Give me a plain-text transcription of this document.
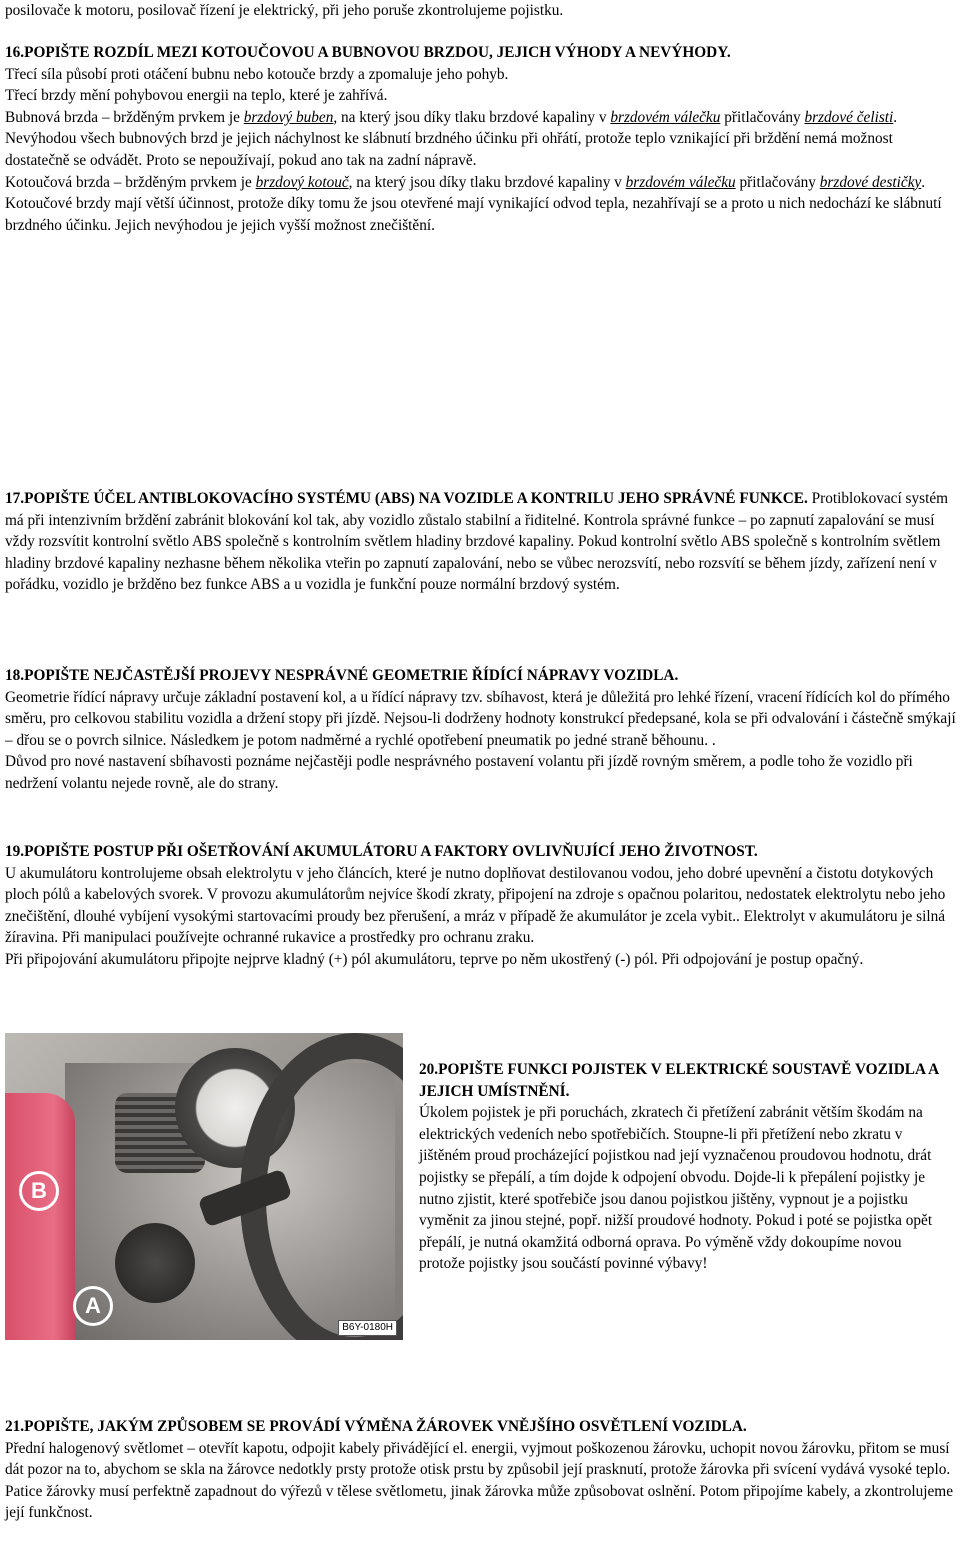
posilovače k motoru, posilovač řízení je elektrický, při jeho poruše zkontrolujeme pojistku.

16.POPIŠTE ROZDÍL MEZI KOTOUČOVOU A BUBNOVOU BRZDOU, JEJICH VÝHODY A NEVÝHODY.

Třecí síla působí proti otáčení bubnu nebo kotouče brzdy a zpomaluje jeho pohyb.

Třecí brzdy mění pohybovou energii na teplo, které je zahřívá.

Bubnová brzda – bržděným prvkem je brzdový buben, na který jsou díky tlaku brzdové kapaliny v brzdovém válečku přitlačovány brzdové čelisti. Nevýhodou všech bubnových brzd je jejich náchylnost ke slábnutí brzdného účinku při ohřátí, protože teplo vznikající při brždění nemá možnost dostatečně se odvádět. Proto se nepoužívají, pokud ano tak na zadní nápravě.

Kotoučová brzda – bržděným prvkem je brzdový kotouč, na který jsou díky tlaku brzdové kapaliny v brzdovém válečku přitlačovány brzdové destičky.

Kotoučové brzdy mají větší účinnost, protože díky tomu že jsou otevřené mají vynikající odvod tepla, nezahřívají se a proto u nich nedochází ke slábnutí brzdného účinku. Jejich nevýhodou je jejich vyšší možnost znečištění.

17.POPIŠTE ÚČEL ANTIBLOKOVACÍHO SYSTÉMU (ABS) NA VOZIDLE A KONTRILU JEHO SPRÁVNÉ FUNKCE. Protiblokovací systém má při intenzivním brždění zabránit blokování kol tak, aby vozidlo zůstalo stabilní a řiditelné. Kontrola správné funkce – po zapnutí zapalování se musí vždy rozsvítit kontrolní světlo ABS společně s kontrolním světlem hladiny brzdové kapaliny. Pokud kontrolní světlo ABS společně s kontrolním světlem hladiny brzdové kapaliny nezhasne během několika vteřin po zapnutí zapalování, nebo se vůbec nerozsvítí, nebo rozsvítí se během jízdy, zařízení není v pořádku, vozidlo je bržděno bez funkce ABS a u vozidla je funkční pouze normální brzdový systém.

18.POPIŠTE NEJČASTĚJŠÍ PROJEVY NESPRÁVNÉ GEOMETRIE ŘÍDÍCÍ NÁPRAVY VOZIDLA.

Geometrie řídící nápravy určuje základní postavení kol, a u řídící nápravy tzv. sbíhavost, která je důležitá pro lehké řízení, vracení řídících kol do přímého směru, pro celkovou stabilitu vozidla a držení stopy při jízdě. Nejsou-li dodrženy hodnoty konstrukcí předepsané, kola se při odvalování i částečně smýkají – dřou se o povrch silnice. Následkem je potom nadměrné a rychlé opotřebení pneumatik po jedné straně běhounu. .

Důvod pro nové nastavení sbíhavosti poznáme nejčastěji podle nesprávného postavení volantu při jízdě rovným směrem, a podle toho že vozidlo při nedržení volantu nejede rovně, ale do strany.

19.POPIŠTE POSTUP PŘI OŠETŘOVÁNÍ AKUMULÁTORU A FAKTORY OVLIVŇUJÍCÍ JEHO ŽIVOTNOST.

U akumulátoru kontrolujeme obsah elektrolytu v jeho článcích, které je nutno doplňovat destilovanou vodou, jeho dobré upevnění a čistotu dotykových ploch pólů a kabelových svorek. V provozu akumulátorům nejvíce škodí zkraty, připojení na zdroje s opačnou polaritou, nedostatek elektrolytu nebo jeho znečištění, dlouhé vybíjení vysokými startovacími proudy bez přerušení, a mráz v případě že akumulátor je zcela vybit.. Elektrolyt v akumulátoru je silná žíravina. Při manipulaci používejte ochranné rukavice a prostředky pro ochranu zraku.

Při připojování akumulátoru připojte nejprve kladný (+) pól akumulátoru, teprve po něm ukostřený (-) pól. Při odpojování je postup opačný.

B
A
B6Y-0180H
20.POPIŠTE FUNKCI POJISTEK V ELEKTRICKÉ SOUSTAVĚ VOZIDLA A JEJICH UMÍSTNĚNÍ.

Úkolem pojistek je při poruchách, zkratech či přetížení zabránit větším škodám na elektrických vedeních nebo spotřebičích. Stoupne-li při přetížení nebo zkratu v jištěném proud procházející pojistkou nad její vyznačenou proudovou hodnotu, drát pojistky se přepálí, a tím dojde k odpojení obvodu. Dojde-li k přepálení pojistky je nutno zjistit, které spotřebiče jsou danou pojistkou jištěny, vypnout je a pojistku vyměnit za jinou stejné, popř. nižší proudové hodnoty. Pokud i poté se pojistka opět přepálí, je nutná okamžitá odborná oprava. Po výměně vždy dokoupíme novou protože pojistky jsou součástí povinné výbavy!

21.POPIŠTE, JAKÝM ZPŮSOBEM SE PROVÁDÍ VÝMĚNA ŽÁROVEK VNĚJŠÍHO OSVĚTLENÍ VOZIDLA.

Přední halogenový světlomet – otevřít kapotu, odpojit kabely přivádějící el. energii, vyjmout poškozenou žárovku, uchopit novou žárovku, přitom se musí dát pozor na to, abychom se skla na žárovce nedotkly prsty protože otisk prstu by způsobil její prasknutí, protože žárovka při svícení vydává vysoké teplo. Patice žárovky musí perfektně zapadnout do výřezů v tělese světlometu, jinak žárovka může způsobovat oslnění. Potom připojíme kabely, a zkontrolujeme její funkčnost.
